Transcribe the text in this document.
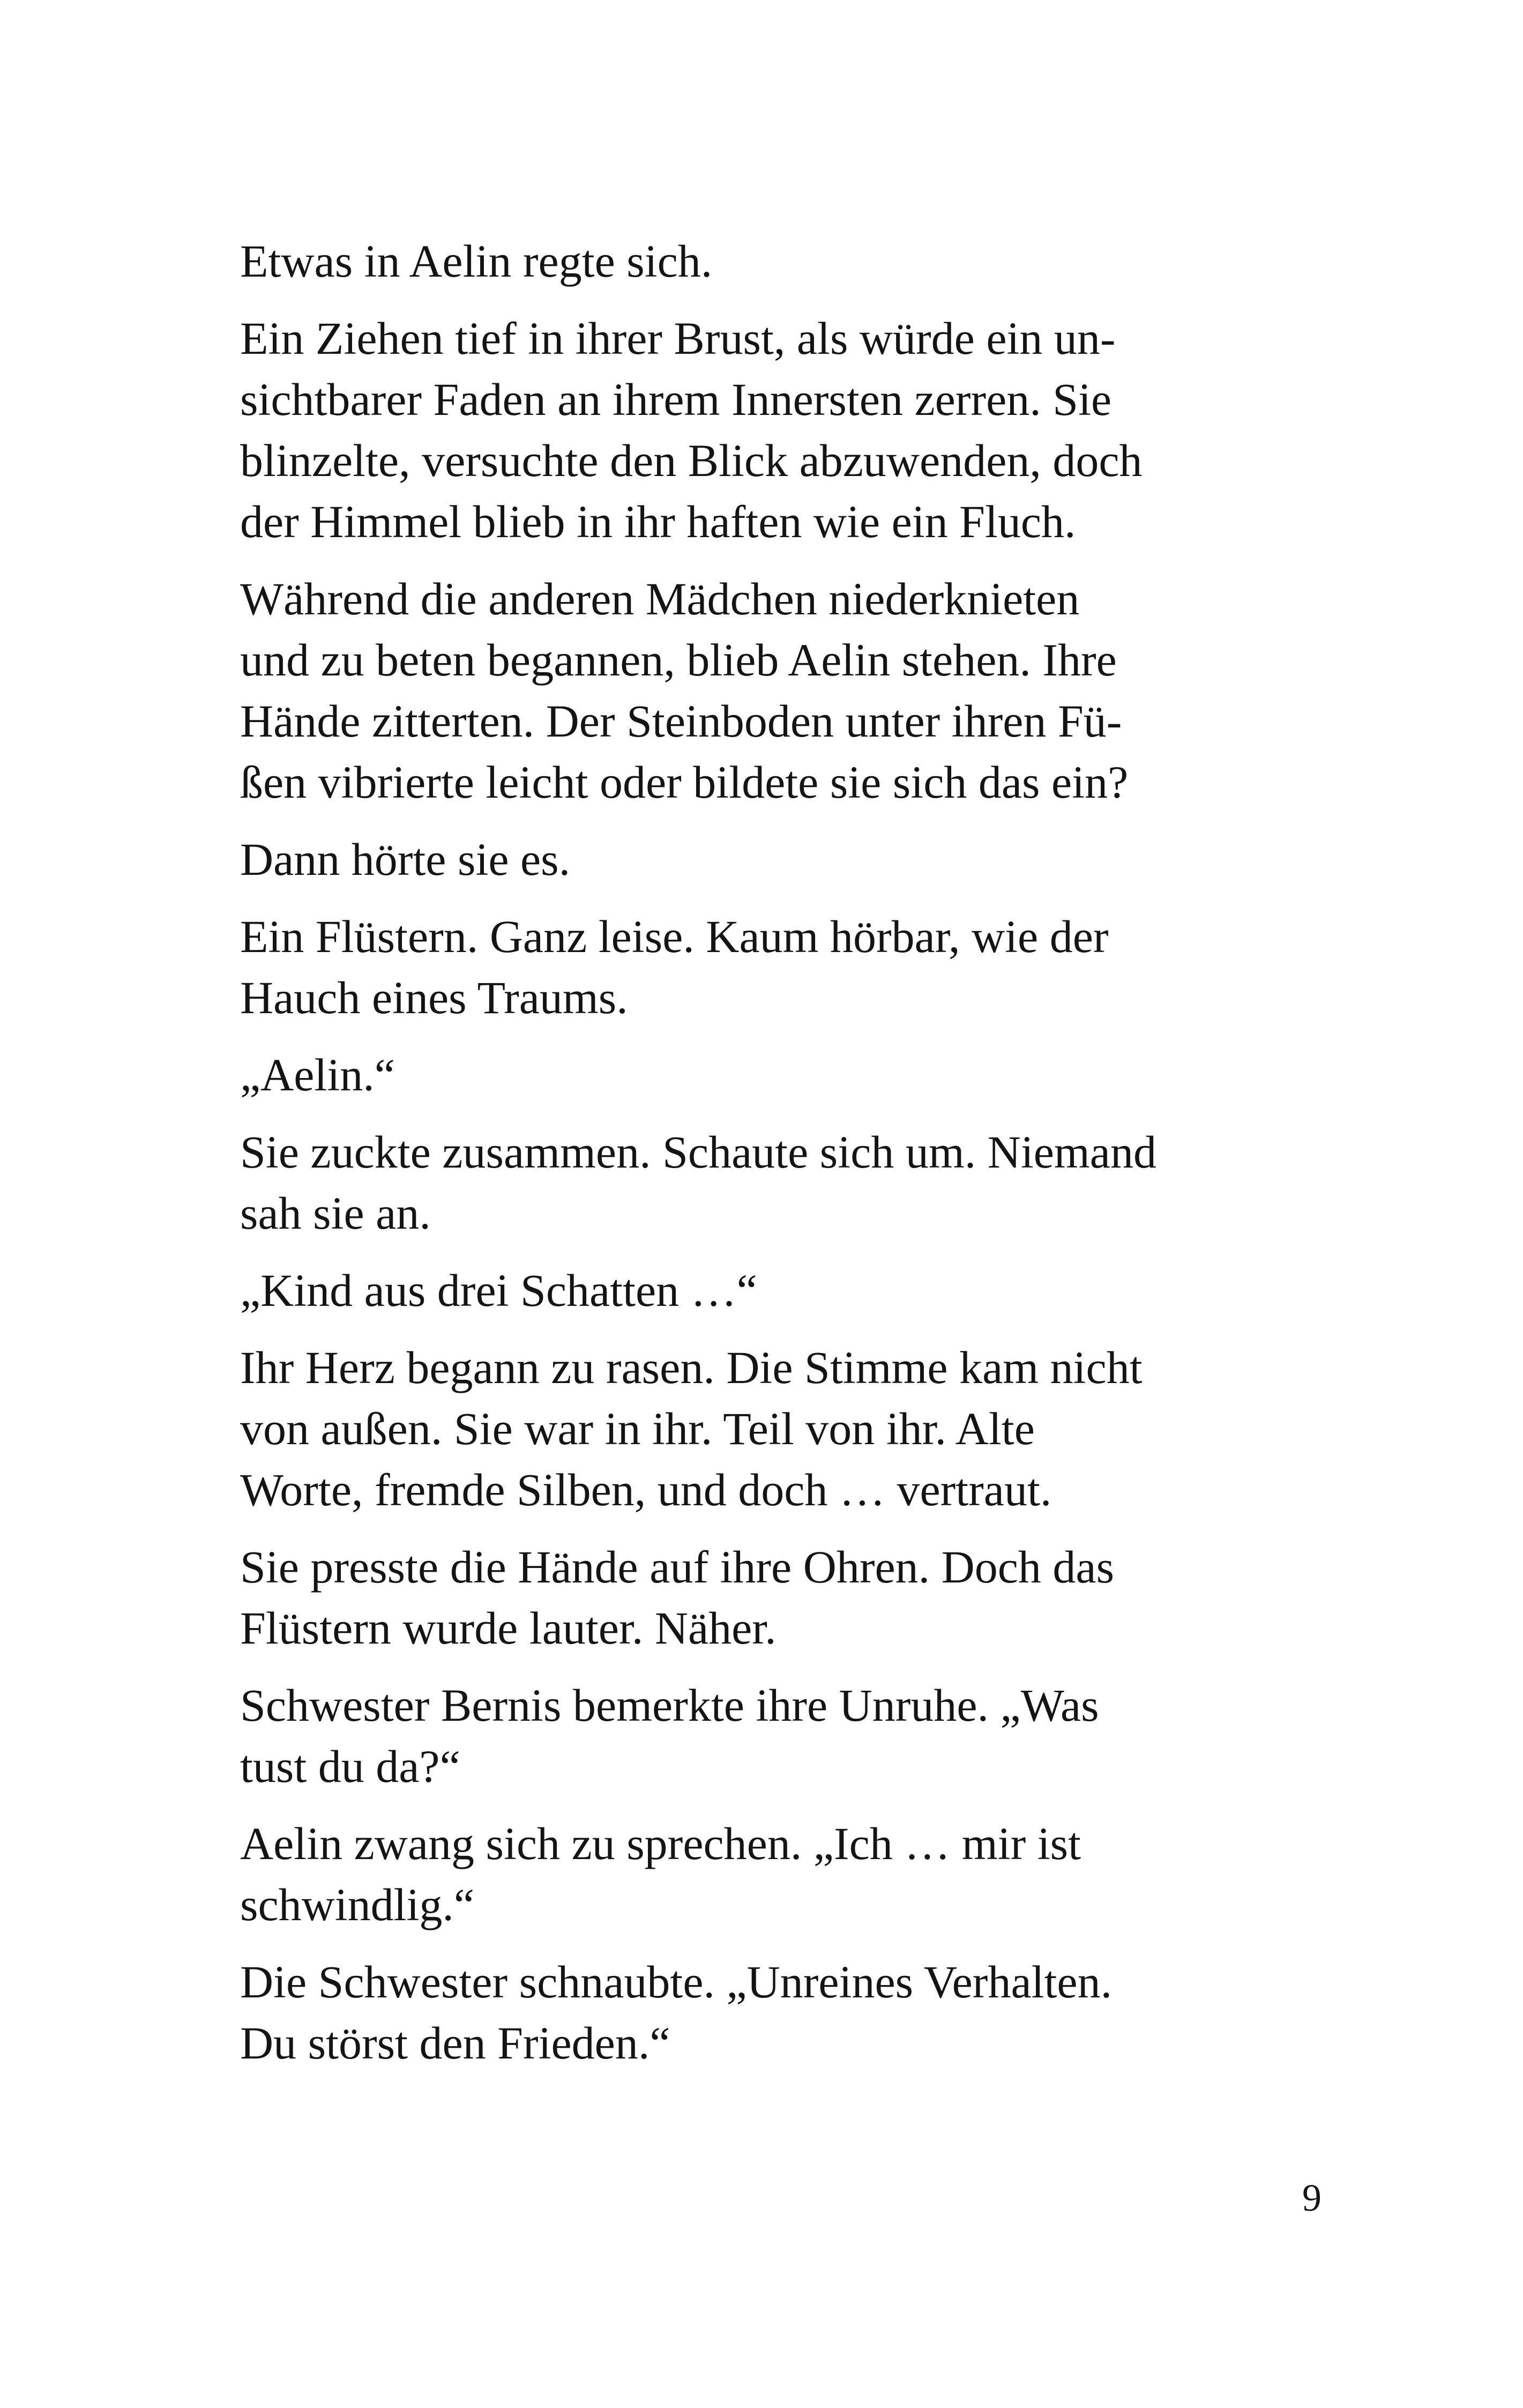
Etwas in Aelin regte sich.

Ein Ziehen tief in ihrer Brust, als würde ein un-
sichtbarer Faden an ihrem Innersten zerren. Sie
blinzelte, versuchte den Blick abzuwenden, doch
der Himmel blieb in ihr haften wie ein Fluch.

Während die anderen Mädchen niederknieten
und zu beten begannen, blieb Aelin stehen. Ihre
Hände zitterten. Der Steinboden unter ihren Fü-
ßen vibrierte leicht oder bildete sie sich das ein?

Dann hörte sie es.

Ein Flüstern. Ganz leise. Kaum hörbar, wie der
Hauch eines Traums.

„Aelin.“

Sie zuckte zusammen. Schaute sich um. Niemand
sah sie an.

„Kind aus drei Schatten …“

Ihr Herz begann zu rasen. Die Stimme kam nicht
von außen. Sie war in ihr. Teil von ihr. Alte
Worte, fremde Silben, und doch … vertraut.

Sie presste die Hände auf ihre Ohren. Doch das
Flüstern wurde lauter. Näher.

Schwester Bernis bemerkte ihre Unruhe. „Was
tust du da?“

Aelin zwang sich zu sprechen. „Ich … mir ist
schwindlig.“

Die Schwester schnaubte. „Unreines Verhalten.
Du störst den Frieden.“

9
